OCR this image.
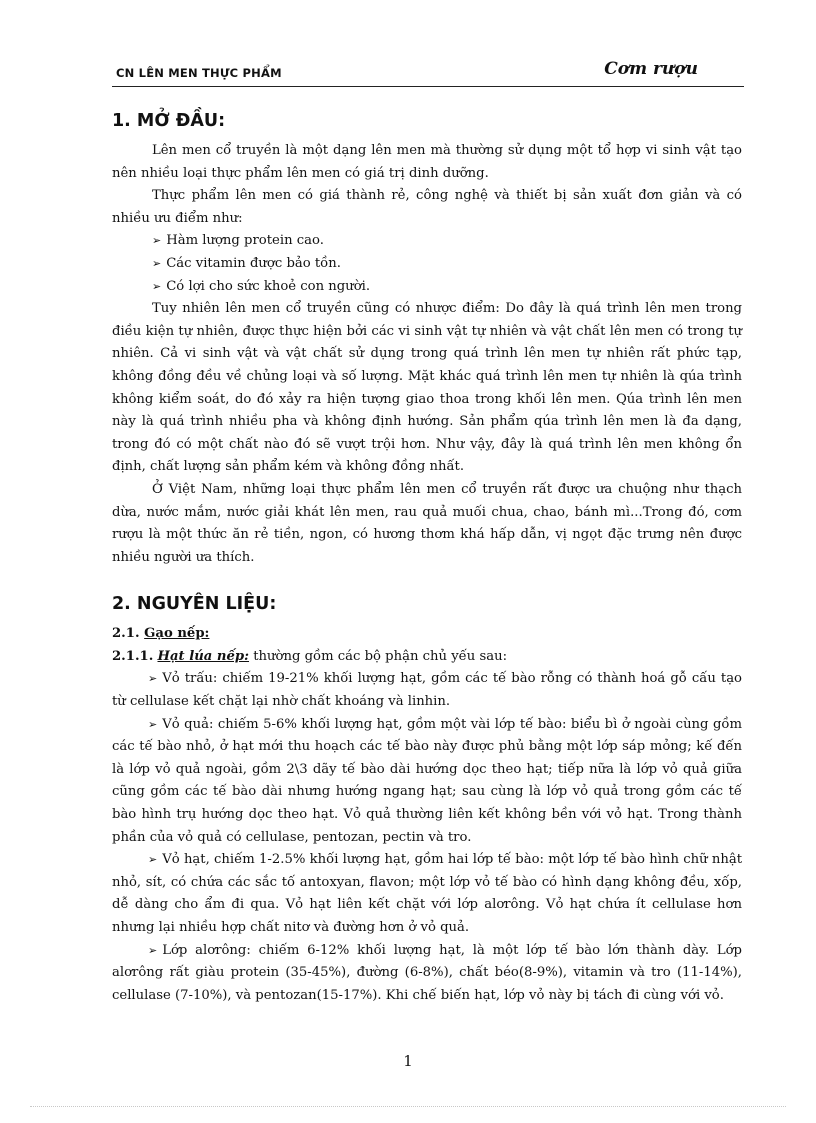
CN LÊN MEN THỰC PHẨM	Cơm rượu
1. MỞ ĐẦU:

Lên men cổ truyền là một dạng lên men mà thường sử dụng một tổ hợp vi sinh vật tạo nên nhiều loại thực phẩm lên men có giá trị dinh dưỡng.

Thực phẩm lên men có giá thành rẻ, công nghệ và thiết bị sản xuất đơn giản và có nhiều ưu điểm như:

➢ Hàm lượng protein cao.
➢ Các vitamin được bảo tồn.
➢ Có lợi cho sức khoẻ con người.

Tuy nhiên lên men cổ truyền cũng có nhược điểm: Do đây là quá trình lên men trong điều kiện tự nhiên, được thực hiện bởi các vi sinh vật tự nhiên và vật chất lên men có trong tự nhiên. Cả vi sinh vật và vật chất sử dụng trong quá trình lên men tự nhiên rất phức tạp, không đồng đều về chủng loại và số lượng. Mặt khác quá trình lên men tự nhiên là qúa trình không kiểm soát, do đó xảy ra hiện tượng giao thoa trong khối lên men. Qúa trình lên men này là quá trình nhiều pha và không định hướng. Sản phẩm qúa trình lên men là đa dạng, trong đó có một chất nào đó sẽ vượt trội hơn. Như vậy, đây là quá trình lên men không ổn định, chất lượng sản phẩm kém và không đồng nhất.

Ở Việt Nam, những loại thực phẩm lên men cổ truyền rất được ưa chuộng như thạch dừa, nước mắm, nước giải khát lên men, rau quả muối chua, chao, bánh mì...Trong đó, cơm rượu là một thức ăn rẻ tiền, ngon, có hương thơm khá hấp dẫn, vị ngọt đặc trưng nên được nhiều người ưa thích.

2. NGUYÊN LIỆU:
2.1. Gạo nếp:
2.1.1. Hạt lúa nếp: thường gồm các bộ phận chủ yếu sau:

➢ Vỏ trấu: chiếm 19-21% khối lượng hạt, gồm các tế bào rỗng có thành hoá gỗ cấu tạo từ cellulase kết chặt lại nhờ chất khoáng và linhin.

➢ Vỏ quả: chiếm 5-6% khối lượng hạt, gồm một vài lớp tế bào: biểu bì ở ngoài cùng gồm các tế bào nhỏ, ở hạt mới thu hoạch các tế bào này được phủ bằng một lớp sáp mỏng; kế đến là lớp vỏ quả ngoài, gồm 2\3 dãy tế bào dài hướng dọc theo hạt; tiếp nữa là lớp vỏ quả giữa cũng gồm các tế bào dài nhưng hướng ngang hạt; sau cùng là lớp vỏ quả trong gồm các tế bào hình trụ hướng dọc theo hạt. Vỏ quả thường liên kết không bền với vỏ hạt. Trong thành phần của vỏ quả có cellulase, pentozan, pectin và tro.

➢ Vỏ hạt, chiếm 1-2.5% khối lượng hạt, gồm hai lớp tế bào: một lớp tế bào hình chữ nhật nhỏ, sít, có chứa các sắc tố antoxyan, flavon; một lớp vỏ tế bào có hình dạng không đều, xốp, dễ dàng cho ẩm đi qua. Vỏ hạt liên kết chặt với lớp alơrông. Vỏ hạt chứa ít cellulase hơn nhưng lại nhiều hợp chất nitơ và đường hơn ở vỏ quả.

➢ Lớp alơrông: chiếm 6-12% khối lượng hạt, là một lớp tế bào lớn thành dày. Lớp alơrông rất giàu protein (35-45%), đường (6-8%), chất béo(8-9%), vitamin và tro (11-14%), cellulase (7-10%), và pentozan(15-17%). Khi chế biến hạt, lớp vỏ này bị tách đi cùng với vỏ.

1
